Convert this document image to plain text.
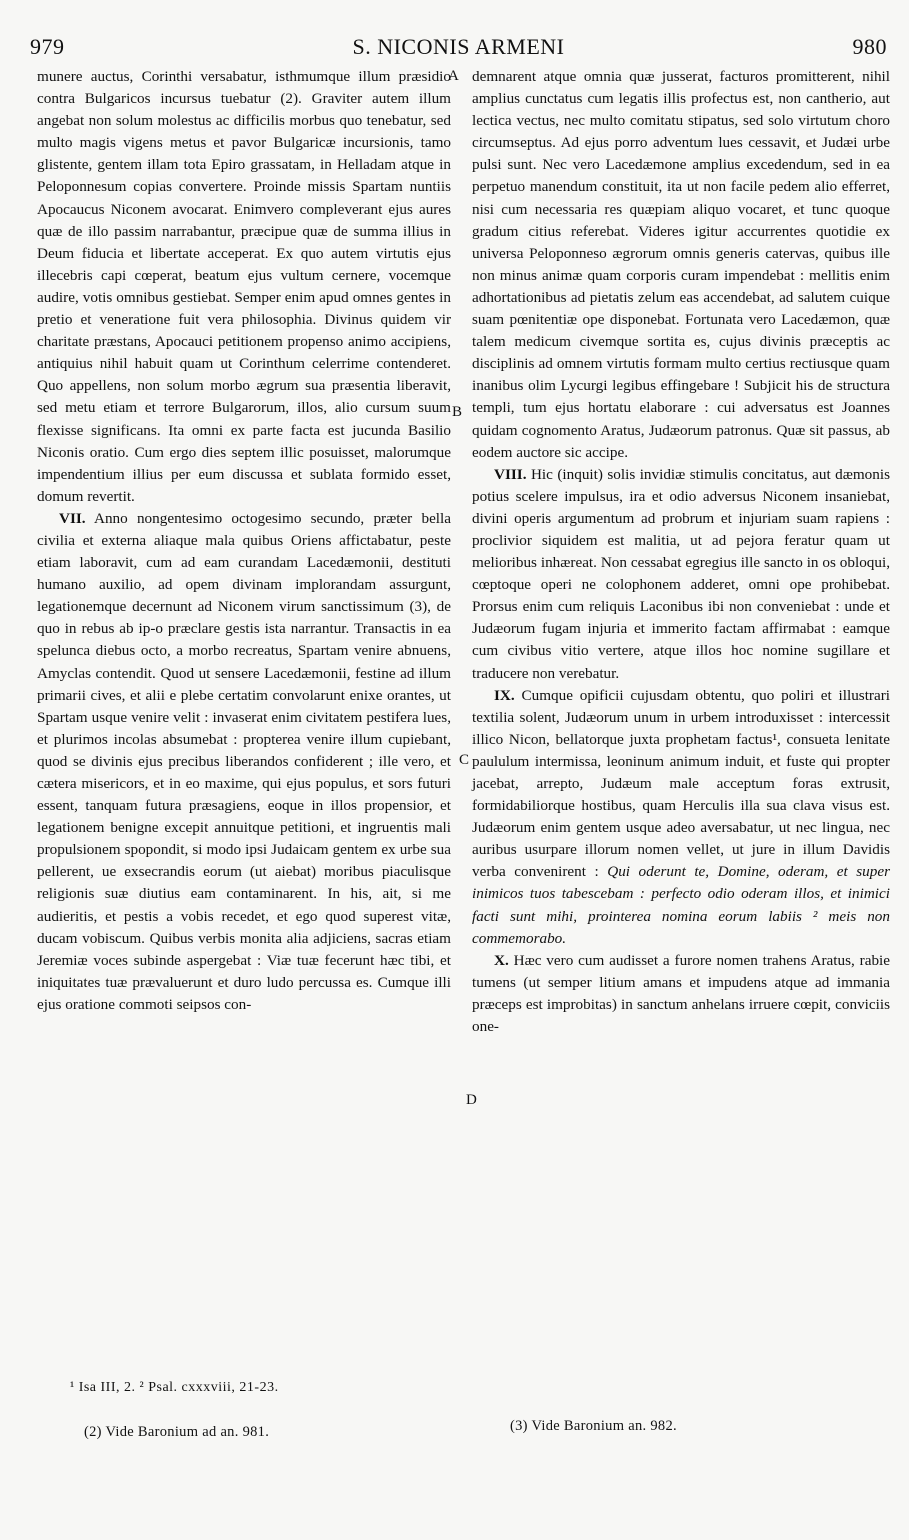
979	S. NICONIS ARMENI	980
A
B
C
D

munere auctus, Corinthi versabatur, isthmumque illum præsidio contra Bulgaricos incursus tuebatur (2). Graviter autem illum angebat non solum molestus ac difficilis morbus quo tenebatur, sed multo magis vigens metus et pavor Bulgaricæ incursionis, tamo glistente, gentem illam tota Epiro grassatam, in Helladam atque in Peloponnesum copias convertere. Proinde missis Spartam nuntiis Apocaucus Niconem avocarat. Enimvero compleverant ejus aures quæ de illo passim narrabantur, præcipue quæ de summa illius in Deum fiducia et libertate acceperat. Ex quo autem virtutis ejus illecebris capi cœperat, beatum ejus vultum cernere, vocemque audire, votis omnibus gestiebat. Semper enim apud omnes gentes in pretio et veneratione fuit vera philosophia. Divinus quidem vir charitate præstans, Apocauci petitionem propenso animo accipiens, antiquius nihil habuit quam ut Corinthum celerrime contenderet. Quo appellens, non solum morbo ægrum sua præsentia liberavit, sed metu etiam et terrore Bulgarorum, illos, alio cursum suum flexisse significans. Ita omni ex parte facta est jucunda Basilio Niconis oratio. Cum ergo dies septem illic posuisset, malorumque impendentium illius per eum discussa et sublata formido esset, domum revertit.

VII. Anno nongentesimo octogesimo secundo, præter bella civilia et externa aliaque mala quibus Oriens affictabatur, peste etiam laboravit, cum ad eam curandam Lacedæmonii, destituti humano auxilio, ad opem divinam implorandam assurgunt, legationemque decernunt ad Niconem virum sanctissimum (3), de quo in rebus ab ip-o præclare gestis ista narrantur. Transactis in ea spelunca diebus octo, a morbo recreatus, Spartam venire abnuens, Amyclas contendit. Quod ut sensere Lacedæmonii, festine ad illum primarii cives, et alii e plebe certatim convolarunt enixe orantes, ut Spartam usque venire velit : invaserat enim civitatem pestifera lues, et plurimos incolas absumebat : propterea venire illum cupiebant, quod se divinis ejus precibus liberandos confiderent ; ille vero, et cætera misericors, et in eo maxime, qui ejus populus, et sors futuri essent, tanquam futura præsagiens, eoque in illos propensior, et legationem benigne excepit annuitque petitioni, et ingruentis mali propulsionem spopondit, si modo ipsi Judaicam gentem ex urbe sua pellerent, ue exsecrandis eorum (ut aiebat) moribus piaculisque religionis suæ diutius eam contaminarent. In his, ait, si me audieritis, et pestis a vobis recedet, et ego quod superest vitæ, ducam vobiscum. Quibus verbis monita alia adjiciens, sacras etiam Jeremiæ voces subinde aspergebat : Viæ tuæ fecerunt hæc tibi, et iniquitates tuæ prævaluerunt et duro ludo percussa es. Cumque illi ejus oratione commoti seipsos con-

demnarent atque omnia quæ jusserat, facturos promitterent, nihil amplius cunctatus cum legatis illis profectus est, non cantherio, aut lectica vectus, nec multo comitatu stipatus, sed solo virtutum choro circumseptus. Ad ejus porro adventum lues cessavit, et Judæi urbe pulsi sunt. Nec vero Lacedæmone amplius excedendum, sed in ea perpetuo manendum constituit, ita ut non facile pedem alio efferret, nisi cum necessaria res quæpiam aliquo vocaret, et tunc quoque gradum citius referebat. Videres igitur accurrentes quotidie ex universa Peloponneso ægrorum omnis generis catervas, quibus ille non minus animæ quam corporis curam impendebat : mellitis enim adhortationibus ad pietatis zelum eas accendebat, ad salutem cuique suam pœnitentiæ ope disponebat. Fortunata vero Lacedæmon, quæ talem medicum civemque sortita es, cujus divinis præceptis ac disciplinis ad omnem virtutis formam multo certius rectiusque quam inanibus olim Lycurgi legibus effingebare ! Subjicit his de structura templi, tum ejus hortatu elaborare : cui adversatus est Joannes quidam cognomento Aratus, Judæorum patronus. Quæ sit passus, ab eodem auctore sic accipe.

VIII. Hic (inquit) solis invidiæ stimulis concitatus, aut dæmonis potius scelere impulsus, ira et odio adversus Niconem insaniebat, divini operis argumentum ad probrum et injuriam suam rapiens : proclivior siquidem est malitia, ut ad pejora feratur quam ut melioribus inhæreat. Non cessabat egregius ille sancto in os obloqui, cœptoque operi ne colophonem adderet, omni ope prohibebat. Prorsus enim cum reliquis Laconibus ibi non conveniebat : unde et Judæorum fugam injuria et immerito factam affirmabat : eamque cum civibus vitio vertere, atque illos hoc nomine sugillare et traducere non verebatur.

IX. Cumque opificii cujusdam obtentu, quo poliri et illustrari textilia solent, Judæorum unum in urbem introduxisset : intercessit illico Nicon, bellatorque juxta prophetam factus¹, consueta lenitate paululum intermissa, leoninum animum induit, et fuste qui propter jacebat, arrepto, Judæum male acceptum foras extrusit, formidabiliorque hostibus, quam Herculis illa sua clava visus est. Judæorum enim gentem usque adeo aversabatur, ut nec lingua, nec auribus usurpare illorum nomen vellet, ut jure in illum Davidis verba convenirent : Qui oderunt te, Domine, oderam, et super inimicos tuos tabescebam : perfecto odio oderam illos, et inimici facti sunt mihi, prointerea nomina eorum labiis ² meis non commemorabo.

X. Hæc vero cum audisset a furore nomen trahens Aratus, rabie tumens (ut semper litium amans et impudens atque ad immania præceps est improbitas) in sanctum anhelans irruere cœpit, conviciis one-

¹ Isa III, 2. ² Psal. cxxxviii, 21-23.
(2) Vide Baronium ad an. 981.	(3) Vide Baronium an. 982.
